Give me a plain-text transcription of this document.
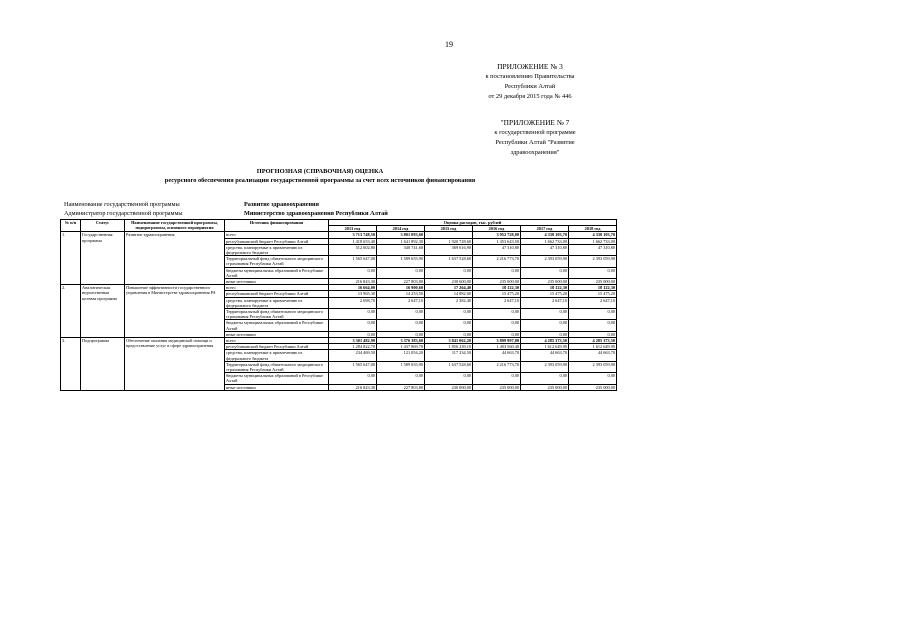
19
ПРИЛОЖЕНИЕ № 3
к постановлению Правительства
Республики Алтай
от 29 декабря 2015 года № 446
"ПРИЛОЖЕНИЕ № 7
к государственной программе
Республики Алтай "Развитие
здравоохранения"
ПРОГНОЗНАЯ (СПРАВОЧНАЯ) ОЦЕНКА
ресурсного обеспечения реализации государственной программы за счет всех источников финансирования
Наименование государственной программы	Развитие здравоохранения
Администратор государственной программы	Министерство здравоохранения Республики Алтай
№ п/п	Статус	Наименование государственной программы, подпрограммы, основного мероприятия	Источник финансирования	Оценка расходов, тыс. рублей					
				2013 год	2014 год	2015 год	2016 год	2017 год	2018 год
1.	Государственная программа	Развитие здравоохранения	всего	3 713 748,50	3 801 093,60		3 952 728,00	4 338 103,70	4 338 103,70
			республиканский бюджет Республики Алтай	1 418 653,40	1 641 892,30	1 920 728,60	1 453 643,50	1 662 733,00	1 662 733,00
			средства, планируемые к привлечению из федерального бюджета	512 602,80	340 741,60	369 616,90	47 310,80	47 310,80	47 310,80
			Территориальный фонд обязательного медицинского страхования Республики Алтай	1 565 647,00	1 589 655,90	1 637 528,60	2 216 773,70	2 393 059,90	2 393 059,90
			бюджеты муниципальных образований в Республике Алтай	0,00	0,00	0,00	0,00	0,00	0,00
			иные источники	216 843,30	227 803,80	230 600,00	235 000,00	235 000,00	235 000,00
2.	Аналитическая ведомственная целевая программа	Повышение эффективности государственного управления в Министерстве здравоохранения РА	всего	16 664,00	16 900,60	17 264,40	18 122,30	18 122,30	18 122,30
			республиканский бюджет Республики Алтай	13 965,30	14 253,50	14 882,00	15 475,20	15 475,20	15 475,20
			средства, планируемые к привлечению из федерального бюджета	2 698,70	2 647,10	2 382,40	2 647,10	2 647,10	2 647,10
			Территориальный фонд обязательного медицинского страхования Республики Алтай	0,00	0,00	0,00	0,00	0,00	0,00
			бюджеты муниципальных образований в Республике Алтай	0,00	0,00	0,00	0,00	0,00	0,00
			иные источники	0,00	0,00	0,00	0,00	0,00	0,00
3.	Подпрограмма	Обеспечение оказания медицинской помощи и предоставление услуг в сфере здравоохранения	всего	3 301 482,90	3 376 383,60	3 841 062,20	3 899 997,80	4 285 373,50	4 285 373,50
			республиканский бюджет Республики Алтай	1 284 822,70	1 437 869,70	1 856 239,10	1 403 560,40	1 612 649,90	1 612 649,90
			средства, планируемые к привлечению из федерального бюджета	234 469,50	121 054,20	117 234,50	44 663,70	44 663,70	44 663,70
			Территориальный фонд обязательного медицинского страхования Республики Алтай	1 565 647,00	1 589 655,90	1 637 528,60	2 216 773,70	2 393 059,90	2 393 059,90
			бюджеты муниципальных образований в Республике Алтай	0,00	0,00	0,00	0,00	0,00	0,00
			иные источники	216 843,30	227 803,80	230 000,00	235 000,00	235 000,00	235 000,00
